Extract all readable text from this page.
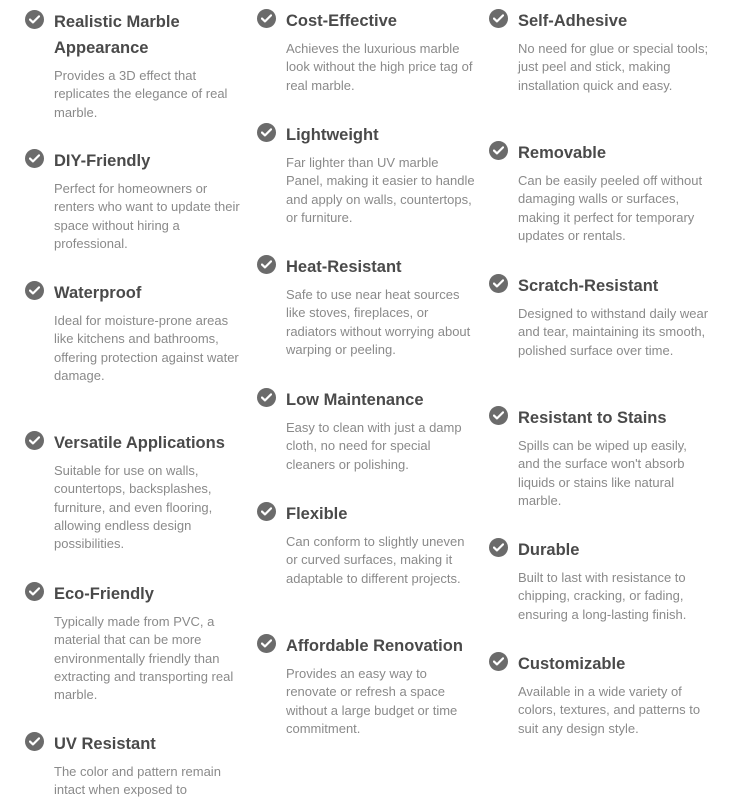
Realistic Marble Appearance

Provides a 3D effect that replicates the elegance of real marble.

DIY-Friendly

Perfect for homeowners or renters who want to update their space without hiring a professional.

Waterproof

Ideal for moisture-prone areas like kitchens and bathrooms, offering protection against water damage.

Versatile Applications

Suitable for use on walls, countertops, backsplashes, furniture, and even flooring, allowing endless design possibilities.

Eco-Friendly

Typically made from PVC, a material that can be more environmentally friendly than extracting and transporting real marble.

UV Resistant

The color and pattern remain intact when exposed to

Cost-Effective

Achieves the luxurious marble look without the high price tag of real marble.

Lightweight

Far lighter than UV marble Panel, making it easier to handle and apply on walls, countertops, or furniture.

Heat-Resistant

Safe to use near heat sources like stoves, fireplaces, or radiators without worrying about warping or peeling.

Low Maintenance

Easy to clean with just a damp cloth, no need for special cleaners or polishing.

Flexible

Can conform to slightly uneven or curved surfaces, making it adaptable to different projects.

Affordable Renovation

Provides an easy way to renovate or refresh a space without a large budget or time commitment.

Self-Adhesive

No need for glue or special tools; just peel and stick, making installation quick and easy.

Removable

Can be easily peeled off without damaging walls or surfaces, making it perfect for temporary updates or rentals.

Scratch-Resistant

Designed to withstand daily wear and tear, maintaining its smooth, polished surface over time.

Resistant to Stains

Spills can be wiped up easily, and the surface won't absorb liquids or stains like natural marble.

Durable

Built to last with resistance to chipping, cracking, or fading, ensuring a long-lasting finish.

Customizable

Available in a wide variety of colors, textures, and patterns to suit any design style.
